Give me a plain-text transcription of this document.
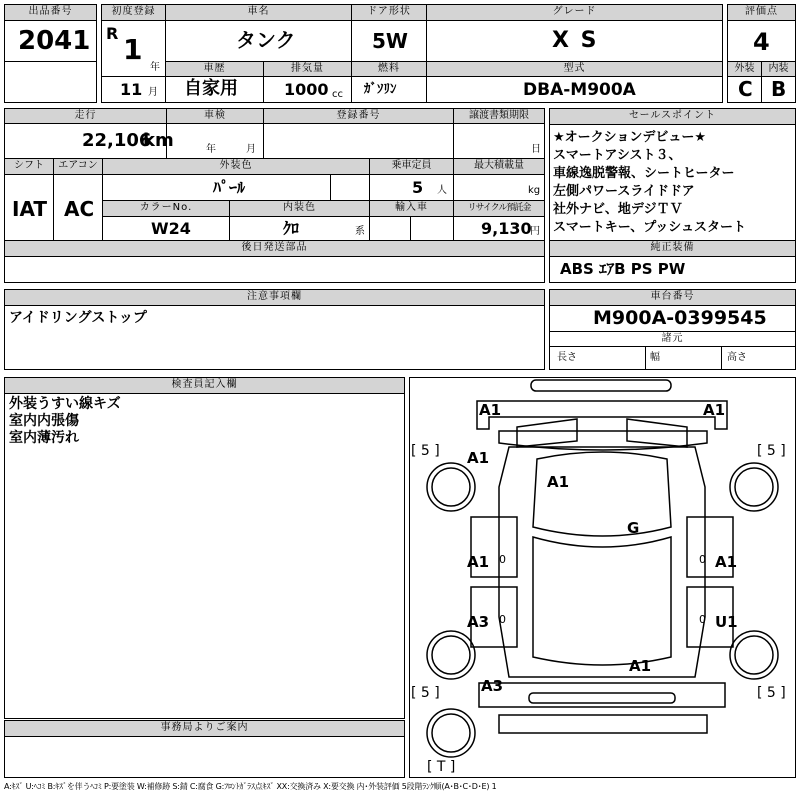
出品番号
2041
初度登録
R 1
年
11 月
車名
タンク
ドア形状
5W
グレード
X S
評価点
4
車歴
自家用
排気量
1000 cc
燃料
ｶﾞｿﾘﾝ
型式
DBA-M900A
外装	内装
C B
走行
22,106
km
車検
年	月
登録番号	譲渡書類期限
日
シフト
IAT
エアコン
AC
外装色
ﾊﾟｰﾙ
乗車定員
5 人
最大積載量
kg
カラーNo.
W24
内装色
ｸﾛ	系
輸入車	リサイクル預託金
9,130
円
後日発送部品
セールスポイント
★オークションデビュー★
スマートアシスト３、
車線逸脱警報、シートヒーター
左側パワースライドドア
社外ナビ、地デジＴＶ
スマートキー、プッシュスタート
純正装備
ABS ｴｱB PS PW
注意事項欄
アイドリングストップ
車台番号
M900A-0399545
諸元
長さ	幅	高さ
検査員記入欄
外装うすい線キズ
室内内張傷
室内薄汚れ
事務局よりご案内
A1	A1
A1
A1
G
A1	A1
A3	U1
A1
A3
[ 5 ]	[ 5 ]
[ 5 ]	[ 5 ]
[ T ]
0	0
0	0
A:ｷｽﾞ U:ﾍｺﾐ B:ｷｽﾞを伴うﾍｺﾐ P:要塗装 W:補修跡 S:錆 C:腐食 G:ﾌﾛﾝﾄｶﾞﾗｽ点ｷｽﾞ XX:交換済み X:要交換 内･外装評価 5段階ﾗﾝｸ順(A･B･C･D･E) 1
